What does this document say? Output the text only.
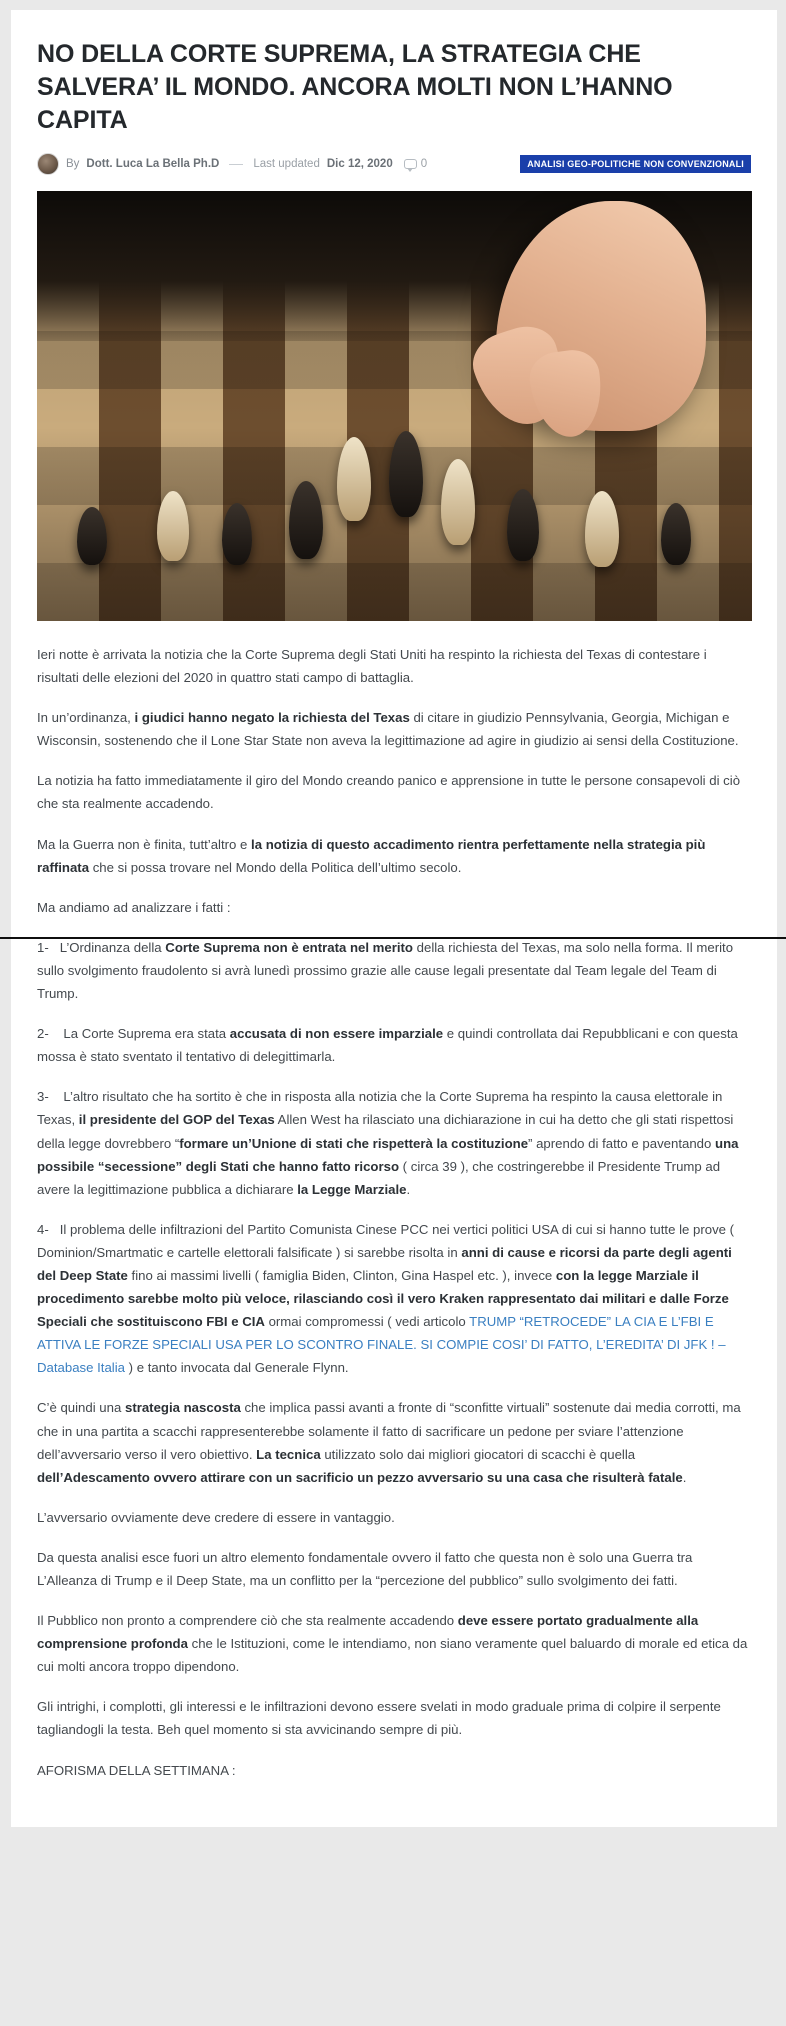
NO DELLA CORTE SUPREMA, LA STRATEGIA CHE SALVERA’ IL MONDO. ANCORA MOLTI NON L’HANNO CAPITA
By Dott. Luca La Bella Ph.D	Last updated Dic 12, 2020 0	ANALISI GEO-POLITICHE NON CONVENZIONALI

Ieri notte è arrivata la notizia che la Corte Suprema degli Stati Uniti ha respinto la richiesta del Texas di contestare i risultati delle elezioni del 2020 in quattro stati campo di battaglia.

In un’ordinanza, i giudici hanno negato la richiesta del Texas di citare in giudizio Pennsylvania, Georgia, Michigan e Wisconsin, sostenendo che il Lone Star State non aveva la legittimazione ad agire in giudizio ai sensi della Costituzione.

La notizia ha fatto immediatamente il giro del Mondo creando panico e apprensione in tutte le persone consapevoli di ciò che sta realmente accadendo.

Ma la Guerra non è finita, tutt’altro e la notizia di questo accadimento rientra perfettamente nella strategia più raffinata che si possa trovare nel Mondo della Politica dell’ultimo secolo.

Ma andiamo ad analizzare i fatti :

1-   L’Ordinanza della Corte Suprema non è entrata nel merito della richiesta del Texas, ma solo nella forma. Il merito sullo svolgimento fraudolento si avrà lunedì prossimo grazie alle cause legali presentate dal Team legale del Team di Trump.

2-    La Corte Suprema era stata accusata di non essere imparziale e quindi controllata dai Repubblicani e con questa mossa è stato sventato il tentativo di delegittimarla.

3-    L’altro risultato che ha sortito è che in risposta alla notizia che la Corte Suprema ha respinto la causa elettorale in Texas, il presidente del GOP del Texas Allen West ha rilasciato una dichiarazione in cui ha detto che gli stati rispettosi della legge dovrebbero “formare un’Unione di stati che rispetterà la costituzione” aprendo di fatto e paventando una possibile “secessione” degli Stati che hanno fatto ricorso ( circa 39 ), che costringerebbe il Presidente Trump ad avere la legittimazione pubblica a dichiarare la Legge Marziale.

4-   Il problema delle infiltrazioni del Partito Comunista Cinese PCC nei vertici politici USA di cui si hanno tutte le prove ( Dominion/Smartmatic e cartelle elettorali falsificate ) si sarebbe risolta in anni di cause e ricorsi da parte degli agenti del Deep State fino ai massimi livelli ( famiglia Biden, Clinton, Gina Haspel etc. ), invece con la legge Marziale il procedimento sarebbe molto più veloce, rilasciando così il vero Kraken rappresentato dai militari e dalle Forze Speciali che sostituiscono FBI e CIA ormai compromessi ( vedi articolo TRUMP “RETROCEDE” LA CIA E L’FBI E ATTIVA LE FORZE SPECIALI USA PER LO SCONTRO FINALE. SI COMPIE COSI’ DI FATTO, L’EREDITA’ DI JFK ! – Database Italia ) e tanto invocata dal Generale Flynn.

C’è quindi una strategia nascosta che implica passi avanti a fronte di “sconfitte virtuali” sostenute dai media corrotti, ma che in una partita a scacchi rappresenterebbe solamente il fatto di sacrificare un pedone per sviare l’attenzione dell’avversario verso il vero obiettivo. La tecnica utilizzato solo dai migliori giocatori di scacchi è quella dell’Adescamento ovvero attirare con un sacrificio un pezzo avversario su una casa che risulterà fatale.

L’avversario ovviamente deve credere di essere in vantaggio.

Da questa analisi esce fuori un altro elemento fondamentale ovvero il fatto che questa non è solo una Guerra tra L’Alleanza di Trump e il Deep State, ma un conflitto per la “percezione del pubblico” sullo svolgimento dei fatti.

Il Pubblico non pronto a comprendere ciò che sta realmente accadendo deve essere portato gradualmente alla comprensione profonda che le Istituzioni, come le intendiamo, non siano veramente quel baluardo di morale ed etica da cui molti ancora troppo dipendono.

Gli intrighi, i complotti, gli interessi e le infiltrazioni devono essere svelati in modo graduale prima di colpire il serpente tagliandogli la testa. Beh quel momento si sta avvicinando sempre di più.

AFORISMA DELLA SETTIMANA :
